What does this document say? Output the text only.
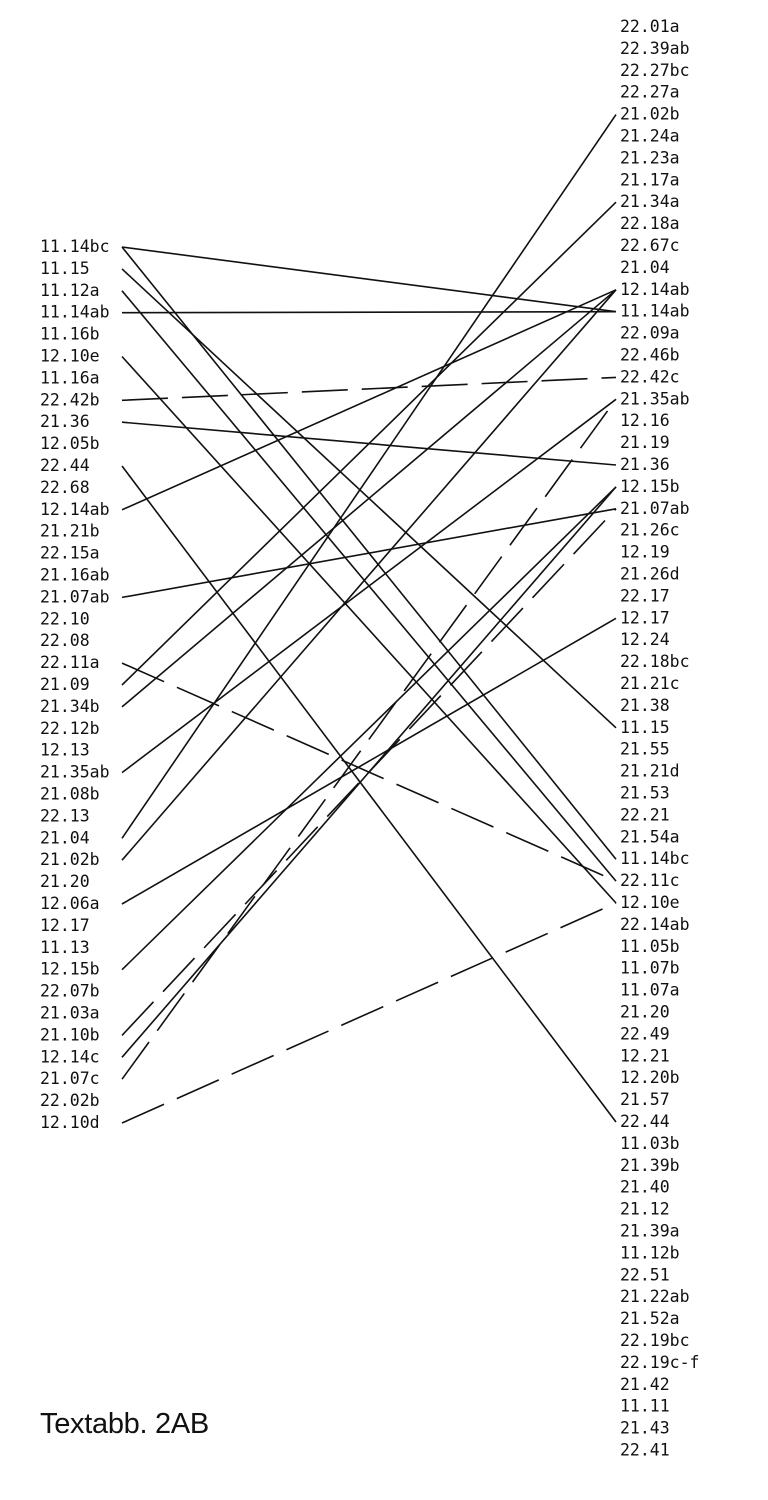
11.14bc
11.15
11.12a
11.14ab
11.16b
12.10e
11.16a
22.42b
21.36
12.05b
22.44
22.68
12.14ab
21.21b
22.15a
21.16ab
21.07ab
22.10
22.08
22.11a
21.09
21.34b
22.12b
12.13
21.35ab
21.08b
22.13
21.04
21.02b
21.20
12.06a
12.17
11.13
12.15b
22.07b
21.03a
21.10b
12.14c
21.07c
22.02b
12.10d
22.01a
22.39ab
22.27bc
22.27a
21.02b
21.24a
21.23a
21.17a
21.34a
22.18a
22.67c
21.04
12.14ab
11.14ab
22.09a
22.46b
22.42c
21.35ab
12.16
21.19
21.36
12.15b
21.07ab
21.26c
12.19
21.26d
22.17
12.17
12.24
22.18bc
21.21c
21.38
11.15
21.55
21.21d
21.53
22.21
21.54a
11.14bc
22.11c
12.10e
22.14ab
11.05b
11.07b
11.07a
21.20
22.49
12.21
12.20b
21.57
22.44
11.03b
21.39b
21.40
21.12
21.39a
11.12b
22.51
21.22ab
21.52a
22.19bc
22.19c-f
21.42
11.11
21.43
22.41
Textabb. 2AB
